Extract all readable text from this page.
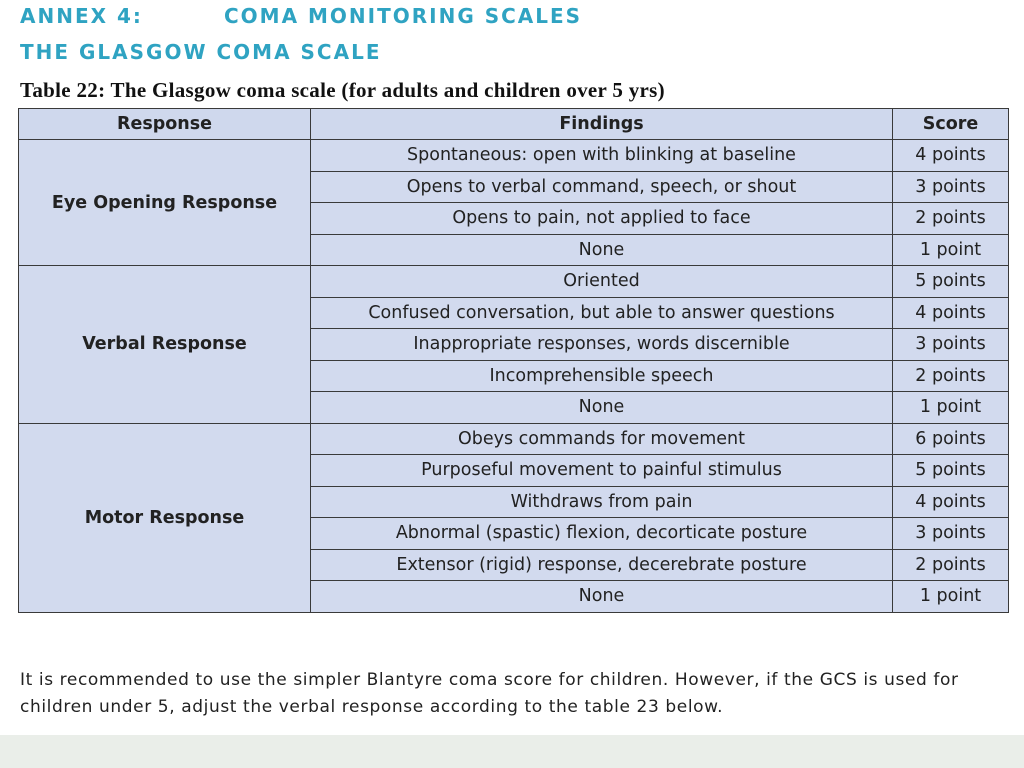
ANNEX 4:	COMA MONITORING SCALES
THE GLASGOW COMA SCALE
Table 22: The Glasgow coma scale (for adults and children over 5 yrs)
Response	Findings	Score
Eye Opening Response	Spontaneous: open with blinking at baseline	4 points
	Opens to verbal command, speech, or shout	3 points
	Opens to pain, not applied to face	2 points
	None	1 point
Verbal Response	Oriented	5 points
	Confused conversation, but able to answer questions	4 points
	Inappropriate responses, words discernible	3 points
	Incomprehensible speech	2 points
	None	1 point
Motor Response	Obeys commands for movement	6 points
	Purposeful movement to painful stimulus	5 points
	Withdraws from pain	4 points
	Abnormal (spastic) flexion, decorticate posture	3 points
	Extensor (rigid) response, decerebrate posture	2 points
	None	1 point

It is recommended to use the simpler Blantyre coma score for children. However, if the GCS is used for children under 5, adjust the verbal response according to the table 23 below.
